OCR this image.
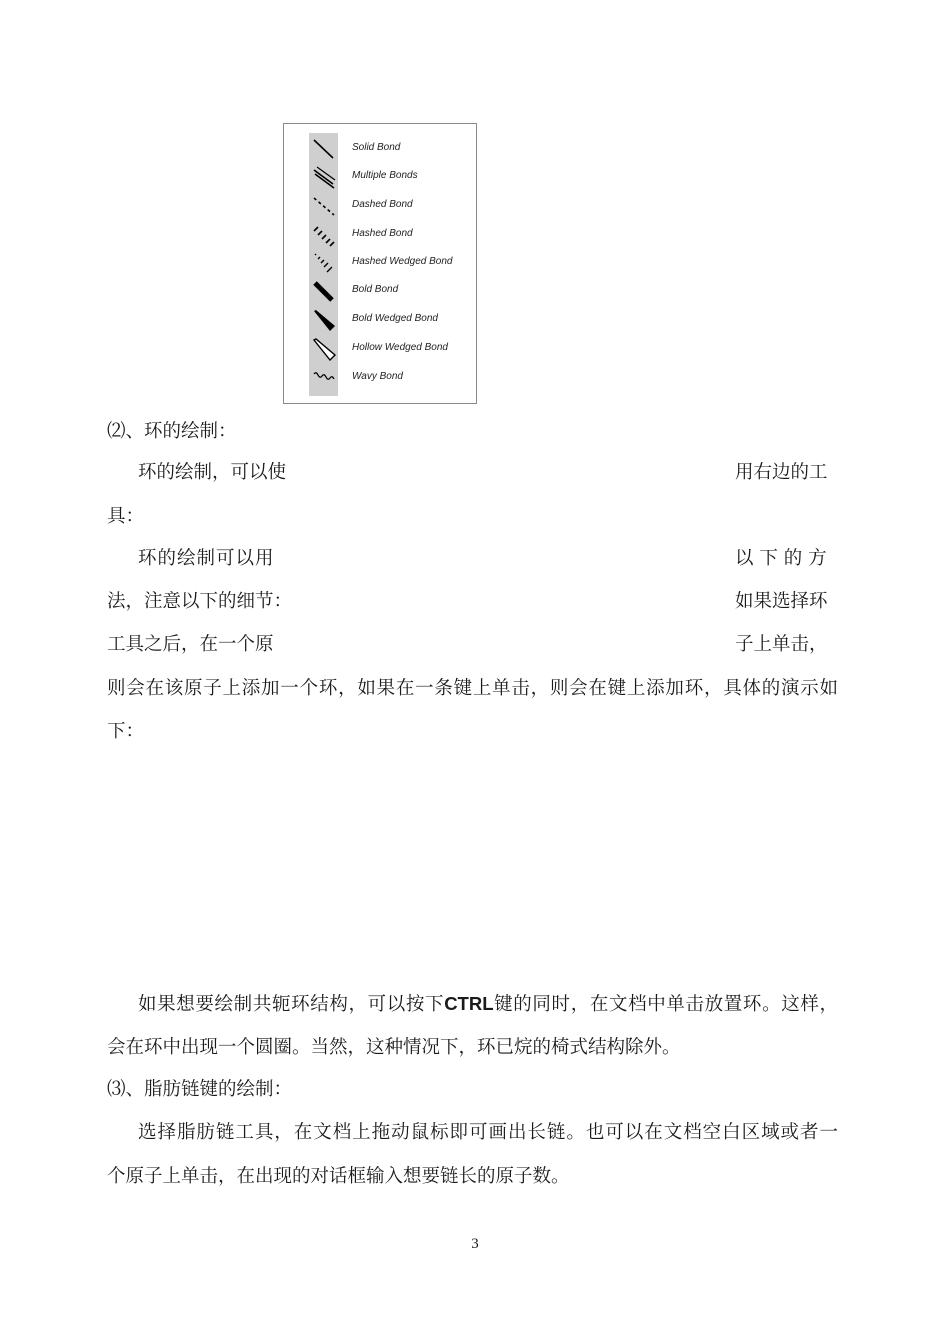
Solid Bond
Multiple Bonds
Dashed Bond
Hashed Bond
Hashed Wedged Bond
Bold Bond
Bold Wedged Bond
Hollow Wedged Bond
Wavy Bond
⑵、环的绘制：
环的绘制，可以使	用右边的工
具：
环的绘制可以用	以 下 的 方
法，注意以下的细节：	如果选择环
工具之后，在一个原	子上单击，
则会在该原子上添加一个环，如果在一条键上单击，则会在键上添加环，具体的演示如
下：
如果想要绘制共轭环结构，可以按下CTRL键的同时，在文档中单击放置环。这样，
会在环中出现一个圆圈。当然，这种情况下，环已烷的椅式结构除外。
⑶、脂肪链键的绘制：
选择脂肪链工具，在文档上拖动鼠标即可画出长链。也可以在文档空白区域或者一
个原子上单击，在出现的对话框输入想要链长的原子数。
3
